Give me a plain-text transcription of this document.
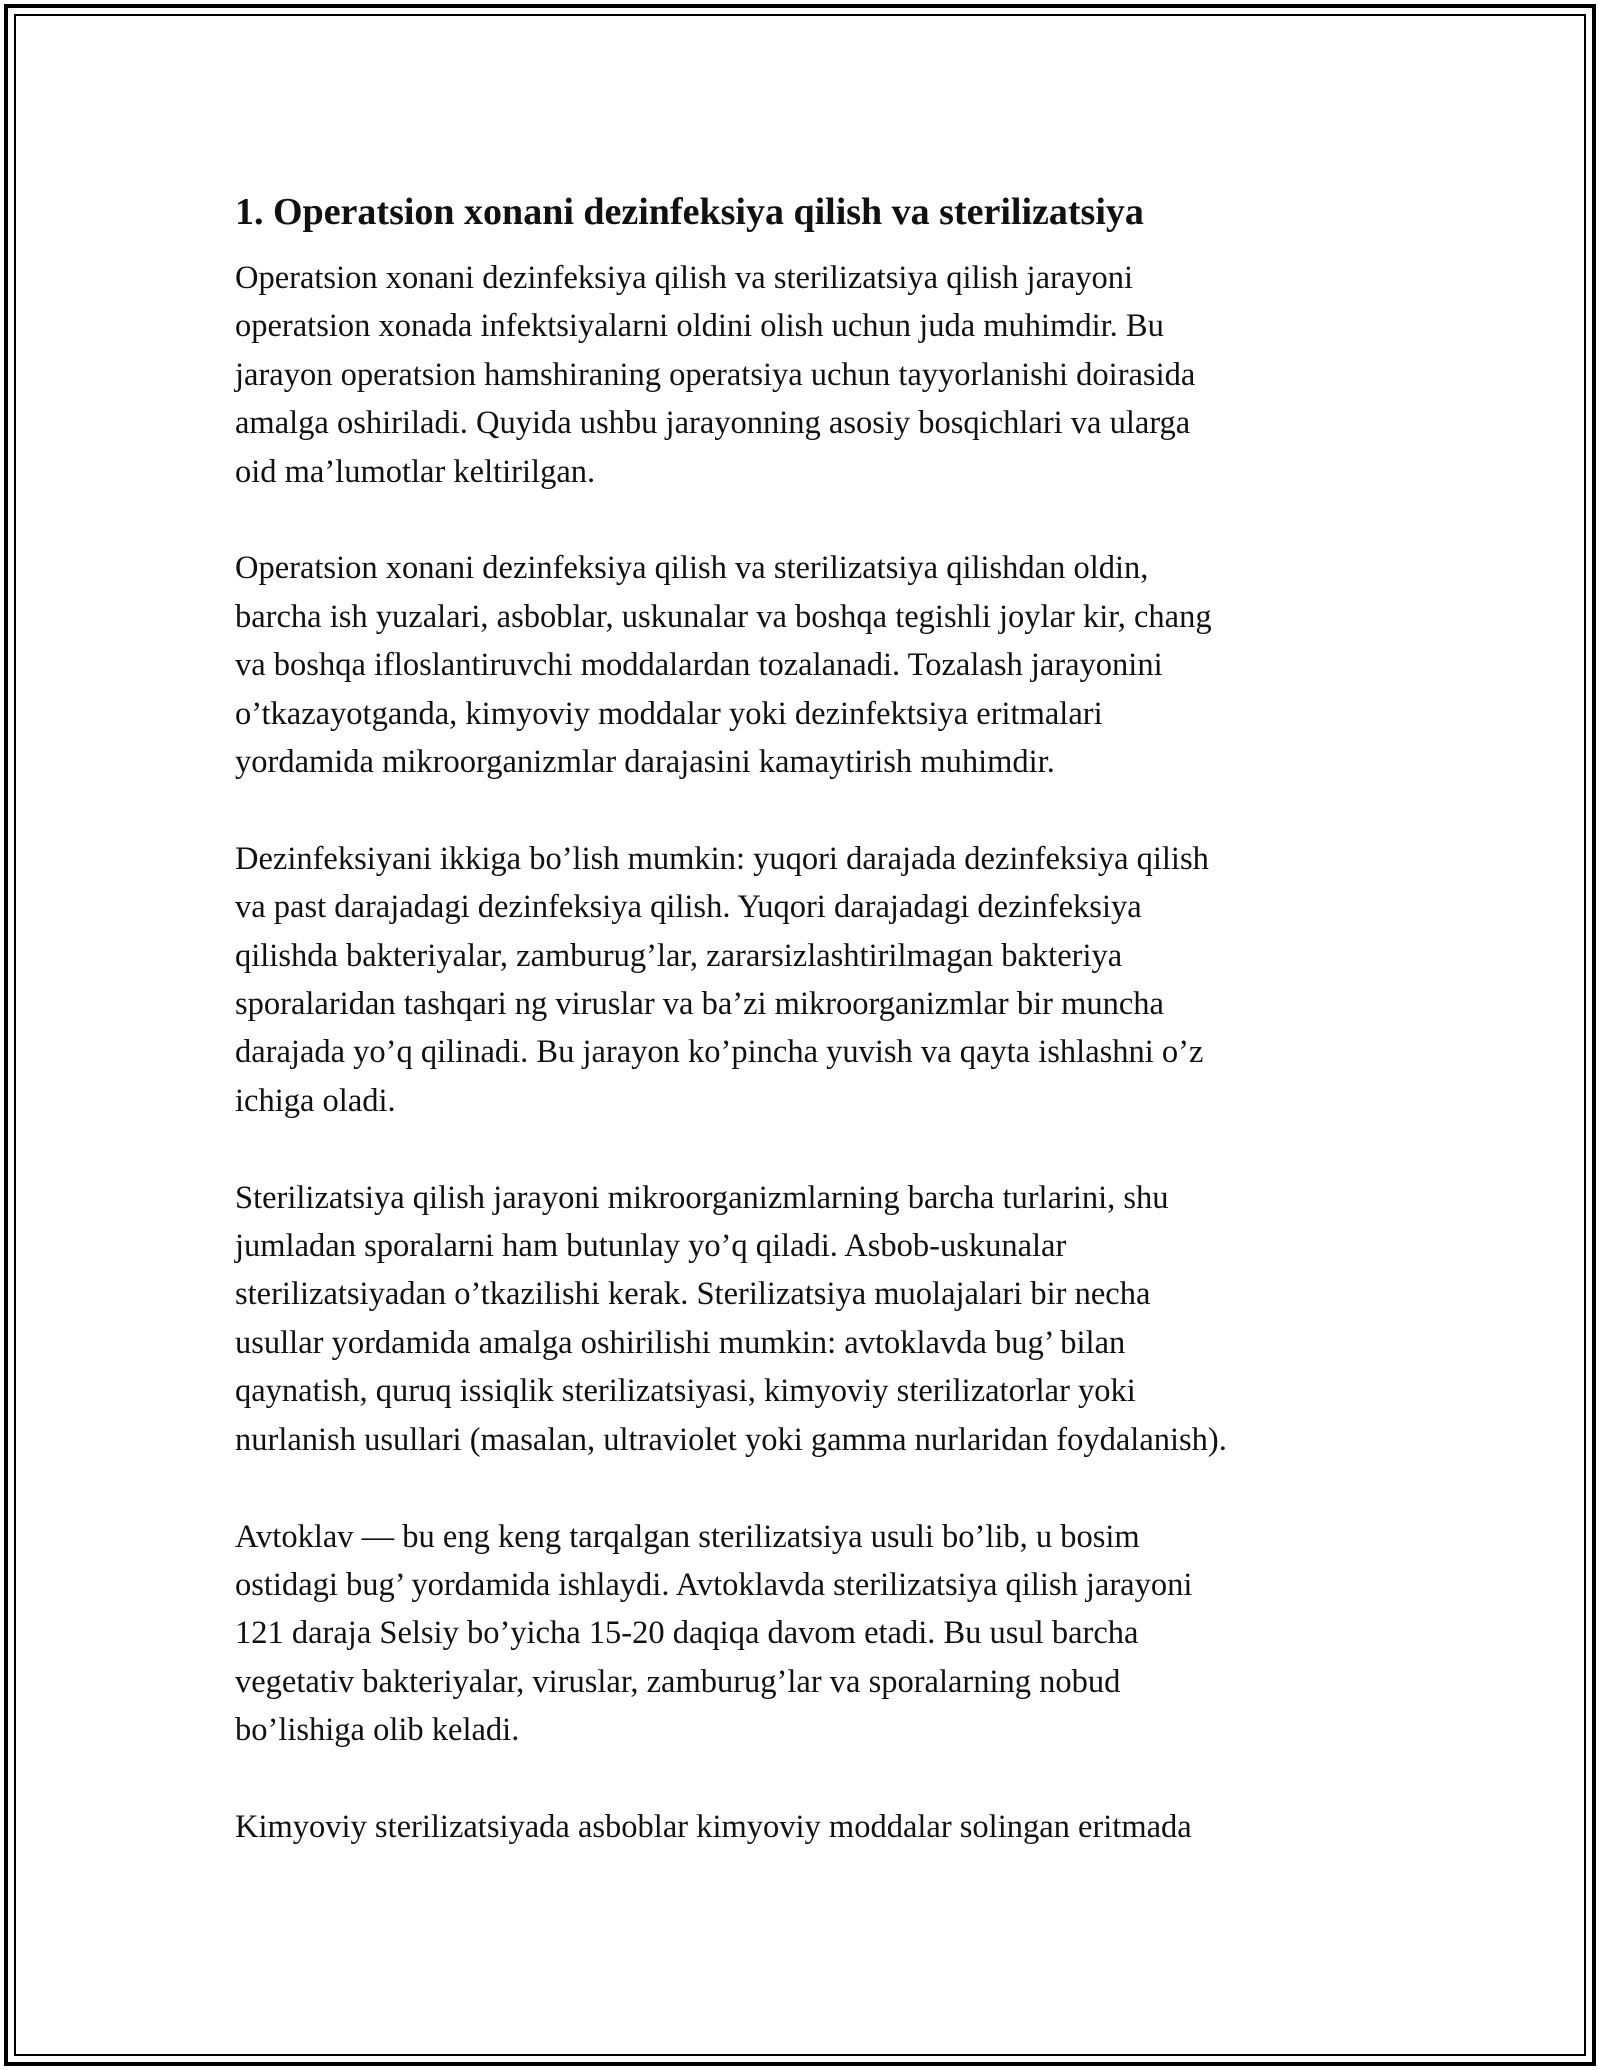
1. Operatsion xonani dezinfeksiya qilish va sterilizatsiya

Operatsion xonani dezinfeksiya qilish va sterilizatsiya qilish jarayoni
operatsion xonada infektsiyalarni oldini olish uchun juda muhimdir. Bu
jarayon operatsion hamshiraning operatsiya uchun tayyorlanishi doirasida
amalga oshiriladi. Quyida ushbu jarayonning asosiy bosqichlari va ularga
oid ma’lumotlar keltirilgan.

Operatsion xonani dezinfeksiya qilish va sterilizatsiya qilishdan oldin,
barcha ish yuzalari, asboblar, uskunalar va boshqa tegishli joylar kir, chang
va boshqa ifloslantiruvchi moddalardan tozalanadi. Tozalash jarayonini
o’tkazayotganda, kimyoviy moddalar yoki dezinfektsiya eritmalari
yordamida mikroorganizmlar darajasini kamaytirish muhimdir.

Dezinfeksiyani ikkiga bo’lish mumkin: yuqori darajada dezinfeksiya qilish
va past darajadagi dezinfeksiya qilish. Yuqori darajadagi dezinfeksiya
qilishda bakteriyalar, zamburug’lar, zararsizlashtirilmagan bakteriya
sporalaridan tashqari ng viruslar va ba’zi mikroorganizmlar bir muncha
darajada yo’q qilinadi. Bu jarayon ko’pincha yuvish va qayta ishlashni o’z
ichiga oladi.

Sterilizatsiya qilish jarayoni mikroorganizmlarning barcha turlarini, shu
jumladan sporalarni ham butunlay yo’q qiladi. Asbob-uskunalar
sterilizatsiyadan o’tkazilishi kerak. Sterilizatsiya muolajalari bir necha
usullar yordamida amalga oshirilishi mumkin: avtoklavda bug’ bilan
qaynatish, quruq issiqlik sterilizatsiyasi, kimyoviy sterilizatorlar yoki
nurlanish usullari (masalan, ultraviolet yoki gamma nurlaridan foydalanish).

Avtoklav — bu eng keng tarqalgan sterilizatsiya usuli bo’lib, u bosim
ostidagi bug’ yordamida ishlaydi. Avtoklavda sterilizatsiya qilish jarayoni
121 daraja Selsiy bo’yicha 15-20 daqiqa davom etadi. Bu usul barcha
vegetativ bakteriyalar, viruslar, zamburug’lar va sporalarning nobud
bo’lishiga olib keladi.

Kimyoviy sterilizatsiyada asboblar kimyoviy moddalar solingan eritmada
